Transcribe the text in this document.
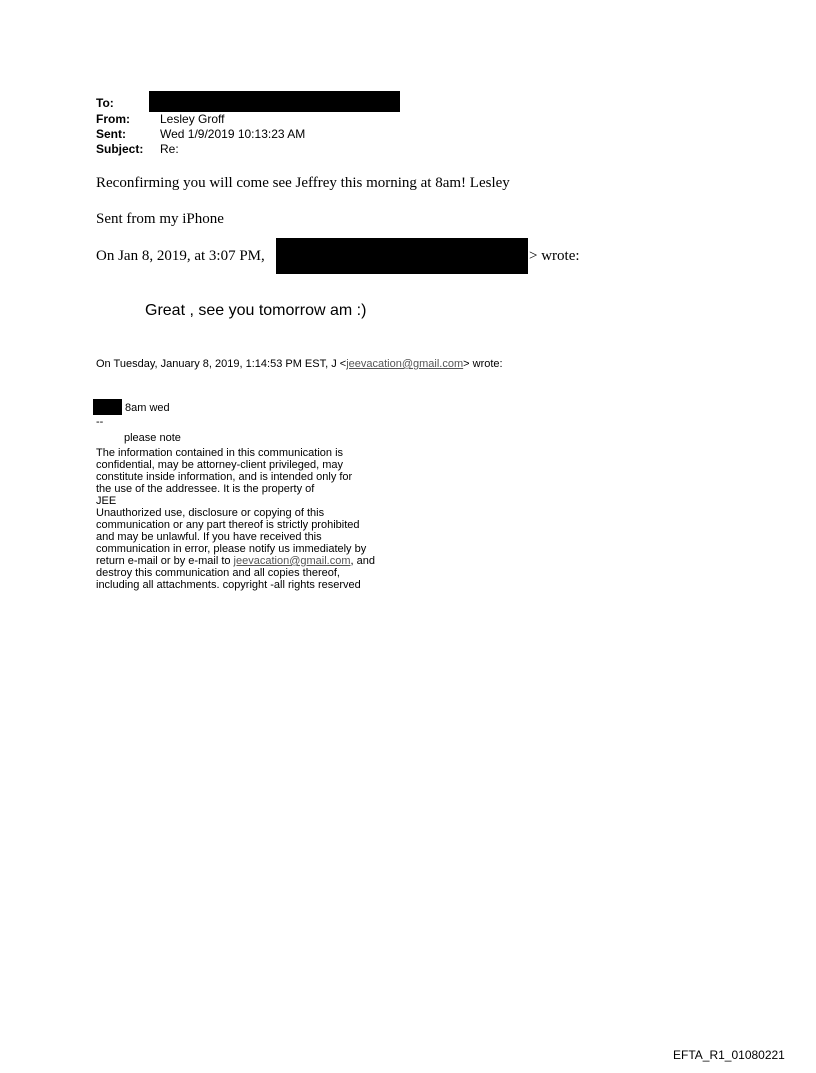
To:
From:	Lesley Groff
Sent:	Wed 1/9/2019 10:13:23 AM
Subject: Re:
Reconfirming you will come see Jeffrey this morning at 8am! Lesley
Sent from my iPhone
On Jan 8, 2019, at 3:07 PM,	> wrote:
Great , see you tomorrow am :)
On Tuesday, January 8, 2019, 1:14:53 PM EST, J <jeevacation@gmail.com> wrote:
8am wed
--
please note
The information contained in this communication is
confidential, may be attorney-client privileged, may
constitute inside information, and is intended only for
the use of the addressee. It is the property of
JEE
Unauthorized use, disclosure or copying of this
communication or any part thereof is strictly prohibited
and may be unlawful. If you have received this
communication in error, please notify us immediately by
return e-mail or by e-mail to jeevacation@gmail.com, and
destroy this communication and all copies thereof,
including all attachments. copyright -all rights reserved
EFTA_R1_01080221
